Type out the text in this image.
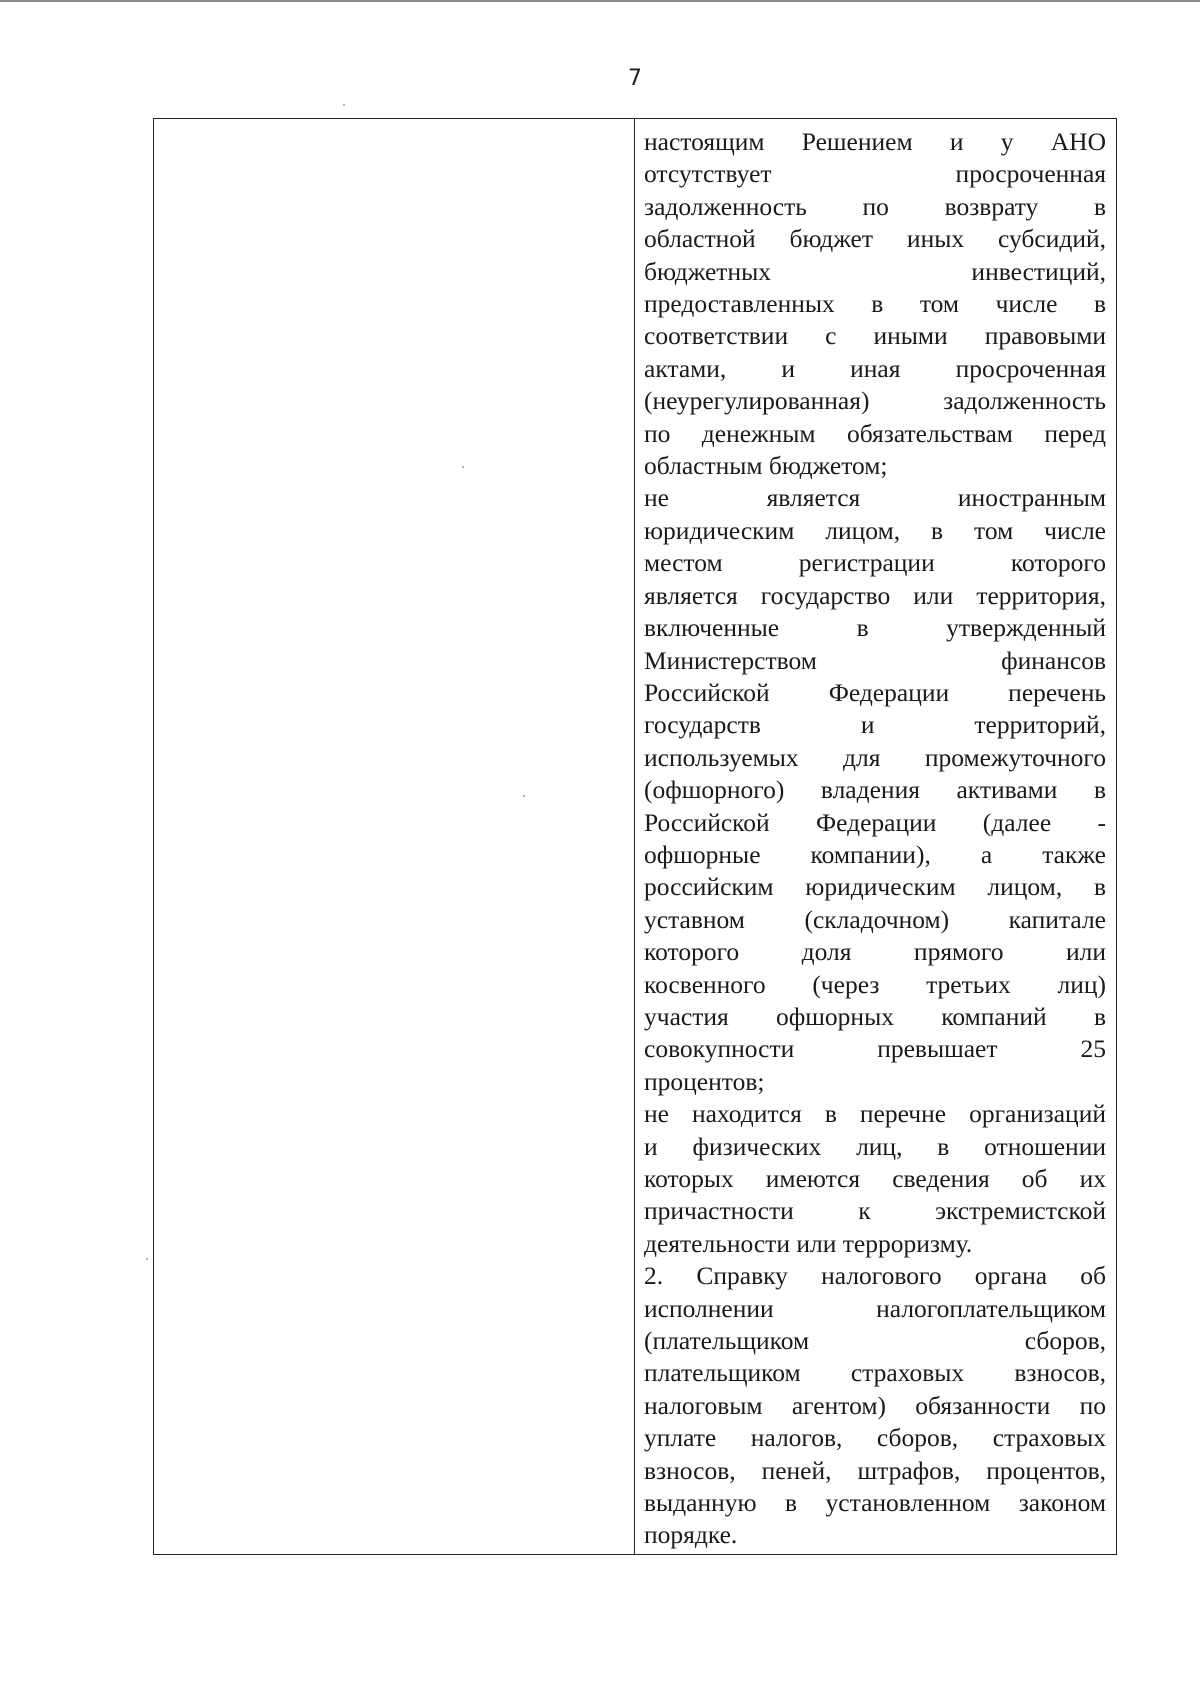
7
настоящим Решением и у АНО
отсутствует просроченная
задолженность по возврату в
областной бюджет иных субсидий,
бюджетных инвестиций,
предоставленных в том числе в
соответствии с иными правовыми
актами, и иная просроченная
(неурегулированная) задолженность
по денежным обязательствам перед
областным бюджетом;
не является иностранным
юридическим лицом, в том числе
местом регистрации которого
является государство или территория,
включенные в утвержденный
Министерством финансов
Российской Федерации перечень
государств и территорий,
используемых для промежуточного
(офшорного) владения активами в
Российской Федерации (далее -
офшорные компании), а также
российским юридическим лицом, в
уставном (складочном) капитале
которого доля прямого или
косвенного (через третьих лиц)
участия офшорных компаний в
совокупности превышает 25
процентов;
не находится в перечне организаций
и физических лиц, в отношении
которых имеются сведения об их
причастности к экстремистской
деятельности или терроризму.
2. Справку налогового органа об
исполнении налогоплательщиком
(плательщиком сборов,
плательщиком страховых взносов,
налоговым агентом) обязанности по
уплате налогов, сборов, страховых
взносов, пеней, штрафов, процентов,
выданную в установленном законом
порядке.
